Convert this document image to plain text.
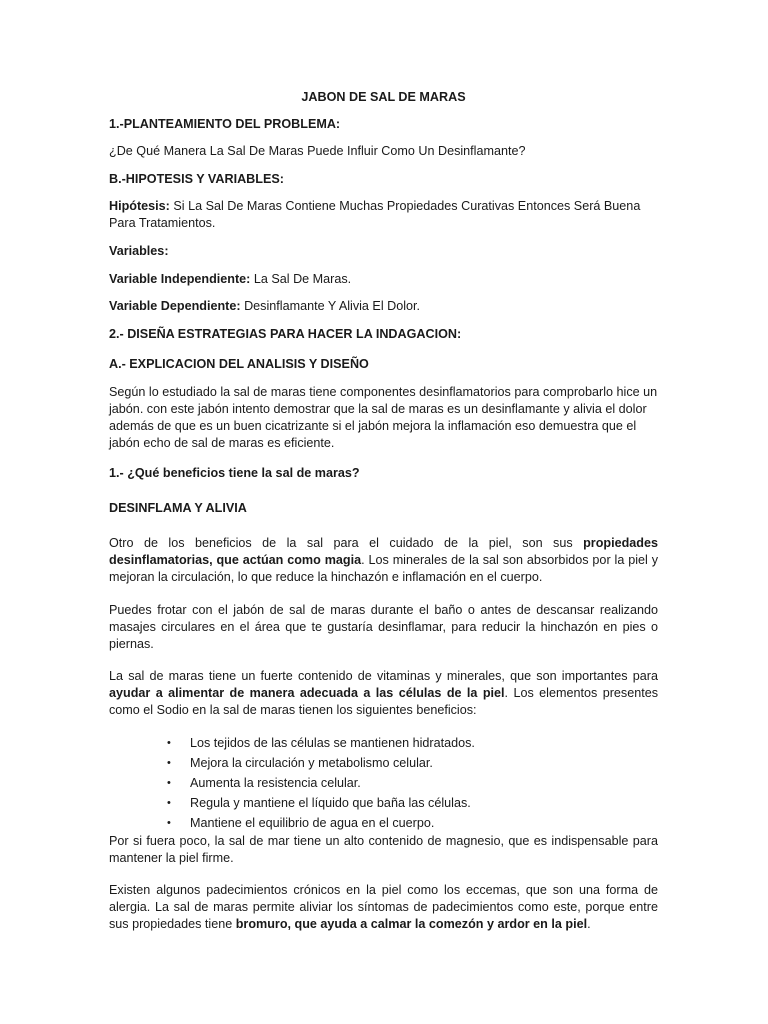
JABON DE SAL DE MARAS

1.-PLANTEAMIENTO DEL PROBLEMA:

¿De Qué Manera La Sal De Maras Puede Influir Como Un Desinflamante?

B.-HIPOTESIS Y VARIABLES:

Hipótesis: Si La Sal De Maras Contiene Muchas Propiedades Curativas Entonces Será Buena Para Tratamientos.

Variables:

Variable Independiente: La Sal De Maras.

Variable Dependiente: Desinflamante Y Alivia El Dolor.

2.- DISEÑA ESTRATEGIAS PARA HACER LA INDAGACION:

A.- EXPLICACION DEL ANALISIS Y DISEÑO

Según lo estudiado la sal de maras tiene componentes desinflamatorios para comprobarlo hice un jabón. con este jabón intento demostrar que la sal de maras es un desinflamante y alivia el dolor además de que es un buen cicatrizante si el jabón mejora la inflamación eso demuestra que el jabón echo de sal de maras es eficiente.

1.- ¿Qué beneficios tiene la sal de maras?

DESINFLAMA Y ALIVIA

Otro de los beneficios de la sal para el cuidado de la piel, son sus propiedades desinflamatorias, que actúan como magia. Los minerales de la sal son absorbidos por la piel y mejoran la circulación, lo que reduce la hinchazón e inflamación en el cuerpo.

Puedes frotar con el jabón de sal de maras durante el baño o antes de descansar realizando masajes circulares en el área que te gustaría desinflamar, para reducir la hinchazón en pies o piernas.

La sal de maras tiene un fuerte contenido de vitaminas y minerales, que son importantes para ayudar a alimentar de manera adecuada a las células de la piel. Los elementos presentes como el Sodio en la sal de maras tienen los siguientes beneficios:

• Los tejidos de las células se mantienen hidratados.
• Mejora la circulación y metabolismo celular.
• Aumenta la resistencia celular.
• Regula y mantiene el líquido que baña las células.
• Mantiene el equilibrio de agua en el cuerpo.

Por si fuera poco, la sal de mar tiene un alto contenido de magnesio, que es indispensable para mantener la piel firme.

Existen algunos padecimientos crónicos en la piel como los eccemas, que son una forma de alergia. La sal de maras permite aliviar los síntomas de padecimientos como este, porque entre sus propiedades tiene bromuro, que ayuda a calmar la comezón y ardor en la piel.
